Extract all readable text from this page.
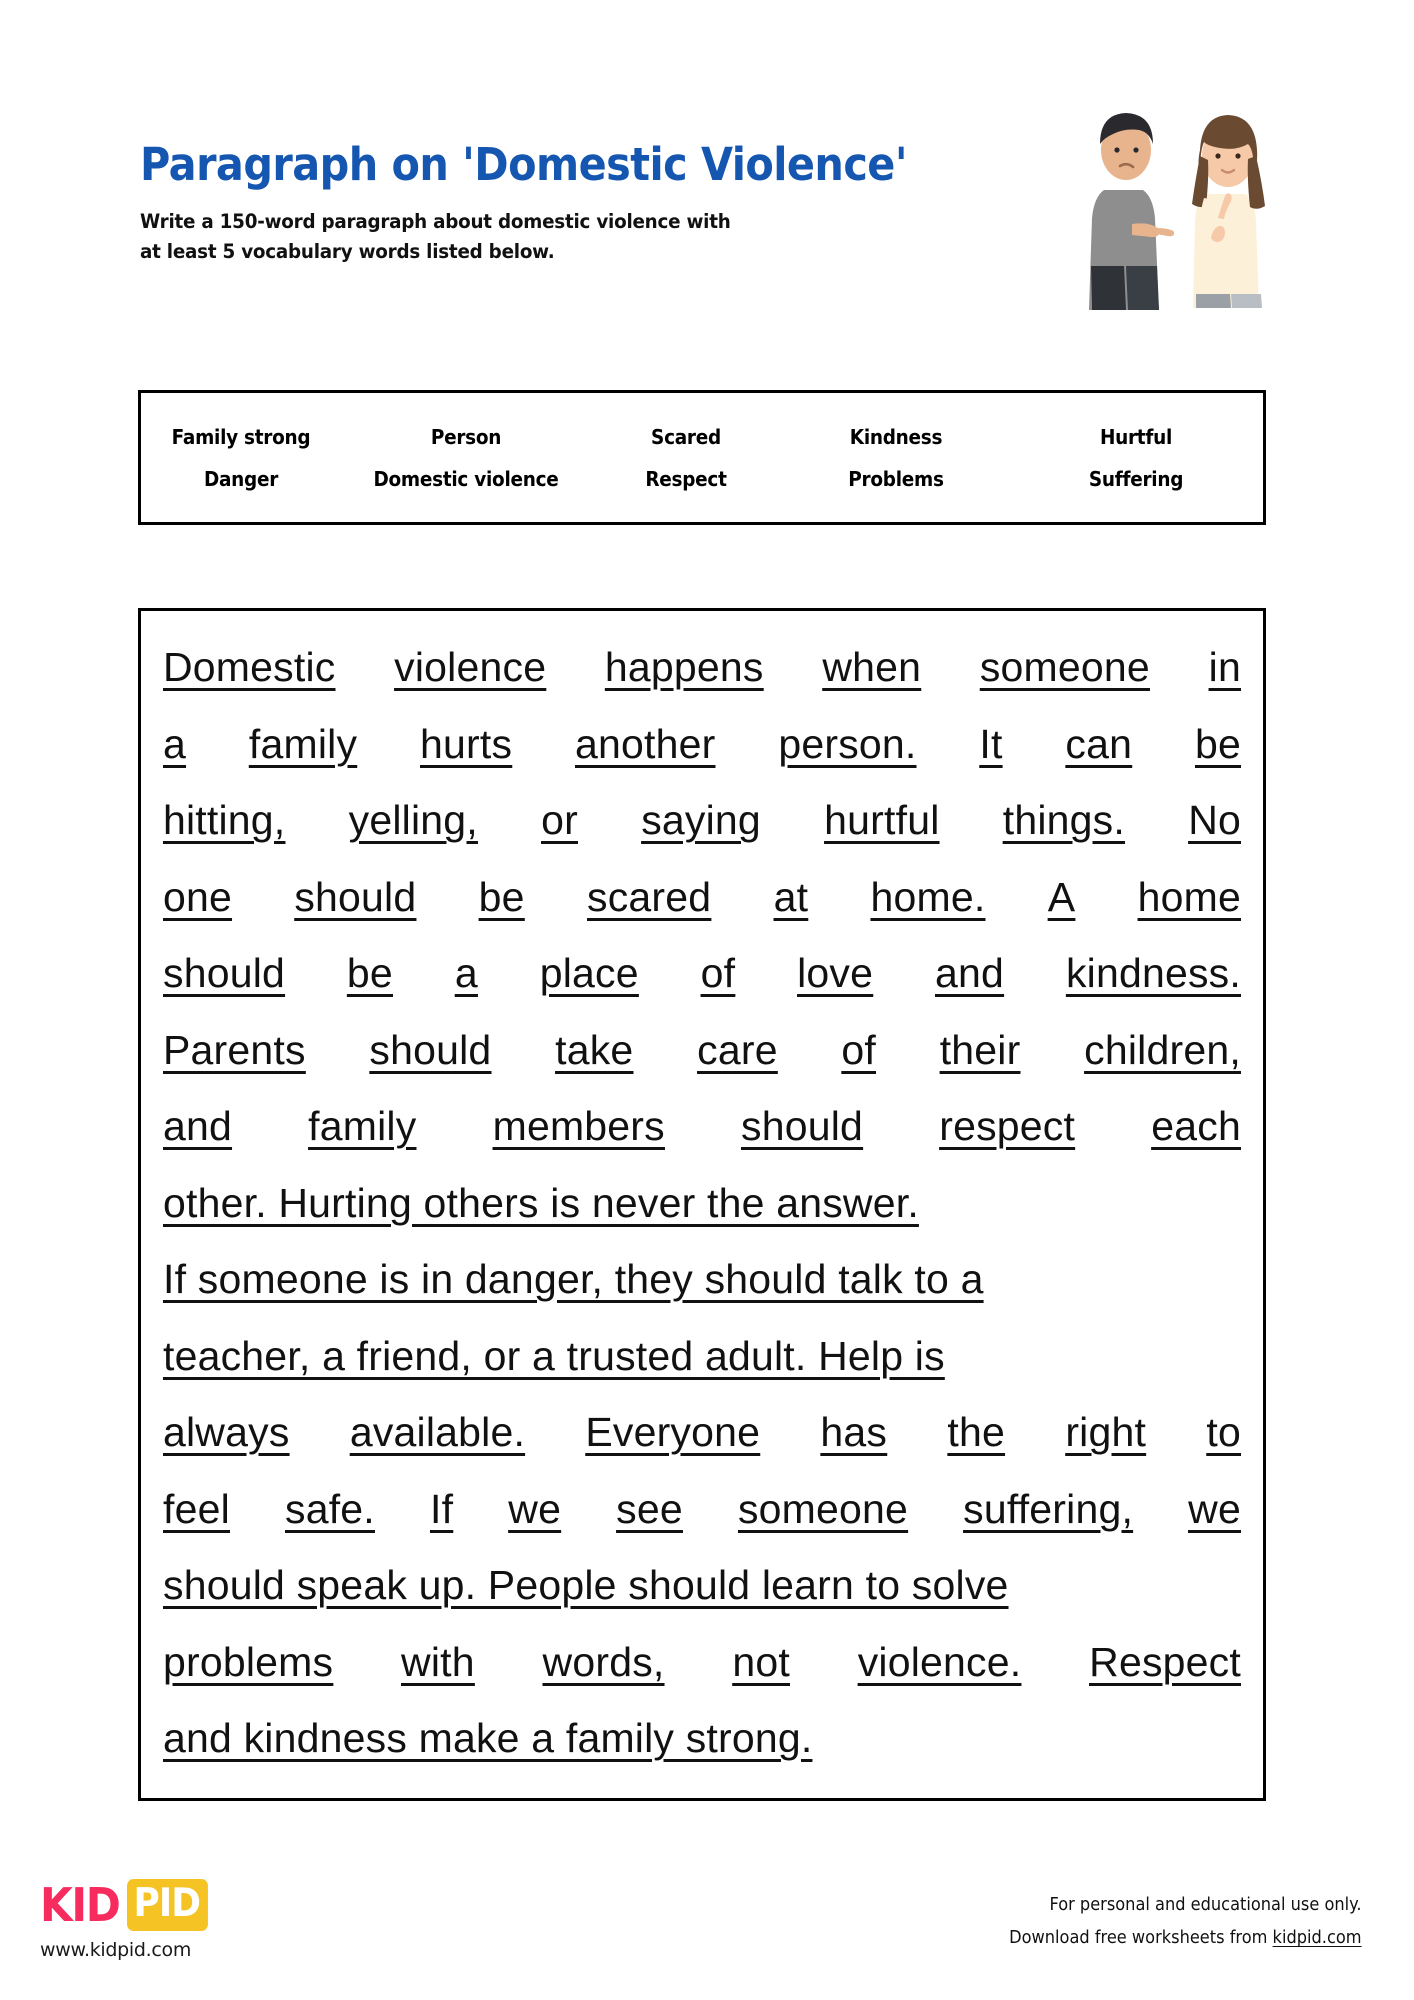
Paragraph on 'Domestic Violence'
Write a 150-word paragraph about domestic violence with
at least 5 vocabulary words listed below.
Family strong	Person	Scared	Kindness	Hurtful
Danger	Domestic violence	Respect	Problems	Suffering
Domestic violence happens when someone in
a family hurts another person. It can be
hitting, yelling, or saying hurtful things. No
one should be scared at home. A home
should be a place of love and kindness.
Parents should take care of their children,
and family members should respect each
other. Hurting others is never the answer.
If someone is in danger, they should talk to a
teacher, a friend, or a trusted adult. Help is
always available. Everyone has the right to
feel safe. If we see someone suffering, we
should speak up. People should learn to solve
problems with words, not violence. Respect
and kindness make a family strong.
KID PID
www.kidpid.com
For personal and educational use only.
Download free worksheets from kidpid.com
